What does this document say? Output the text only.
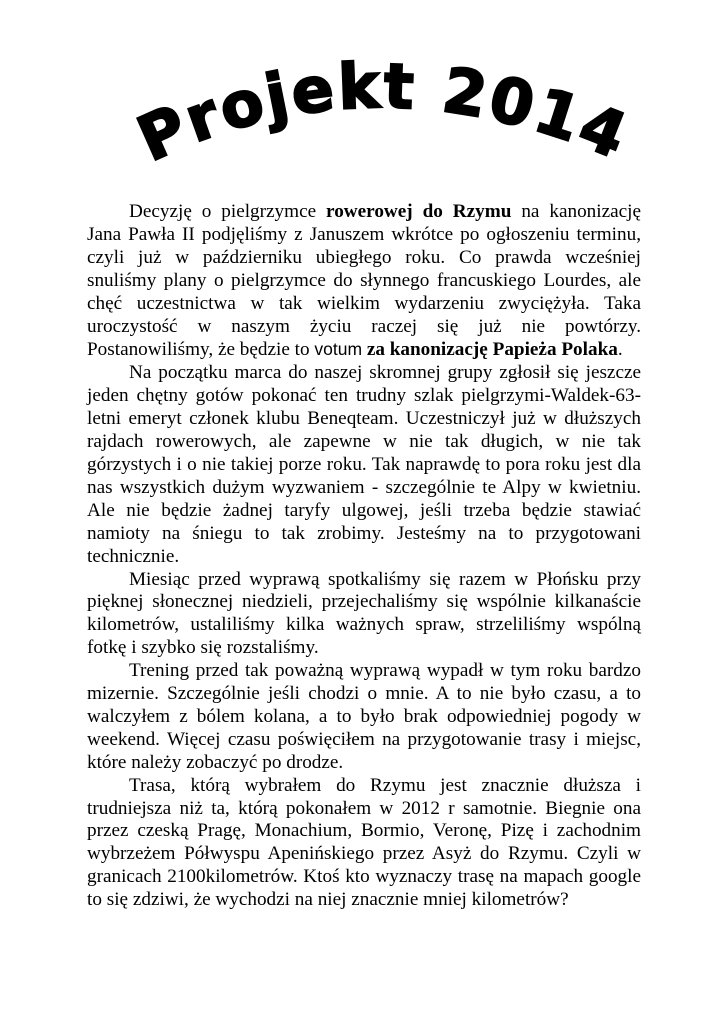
Projekt 2014

Decyzję o pielgrzymce rowerowej do Rzymu na kanonizację Jana Pawła II podjęliśmy z Januszem wkrótce po ogłoszeniu terminu, czyli już w październiku ubiegłego roku. Co prawda wcześniej snuliśmy plany o pielgrzymce do słynnego francuskiego Lourdes, ale chęć uczestnictwa w tak wielkim wydarzeniu zwyciężyła. Taka uroczystość w naszym życiu raczej się już nie powtórzy. Postanowiliśmy, że będzie to votum za kanonizację Papieża Polaka.

Na początku marca do naszej skromnej grupy zgłosił się jeszcze jeden chętny gotów pokonać ten trudny szlak pielgrzymi-Waldek-63-letni emeryt członek klubu Beneqteam. Uczestniczył już w dłuższych rajdach rowerowych, ale zapewne w nie tak długich, w nie tak górzystych i o nie takiej porze roku. Tak naprawdę to pora roku jest dla nas wszystkich dużym wyzwaniem - szczególnie te Alpy w kwietniu. Ale nie będzie żadnej taryfy ulgowej, jeśli trzeba będzie stawiać namioty na śniegu to tak zrobimy. Jesteśmy na to przygotowani technicznie.

Miesiąc przed wyprawą spotkaliśmy się razem w Płońsku przy pięknej słonecznej niedzieli, przejechaliśmy się wspólnie kilkanaście kilometrów, ustaliliśmy kilka ważnych spraw, strzeliliśmy wspólną fotkę i szybko się rozstaliśmy.

Trening przed tak poważną wyprawą wypadł w tym roku bardzo mizernie. Szczególnie jeśli chodzi o mnie. A to nie było czasu, a to walczyłem z bólem kolana, a to było brak odpowiedniej pogody w weekend. Więcej czasu poświęciłem na przygotowanie trasy i miejsc, które należy zobaczyć po drodze.

Trasa, którą wybrałem do Rzymu jest znacznie dłuższa i trudniejsza niż ta, którą pokonałem w 2012 r samotnie. Biegnie ona przez czeską Pragę, Monachium, Bormio, Veronę, Pizę i zachodnim wybrzeżem Półwyspu Apenińskiego przez Asyż do Rzymu. Czyli w granicach 2100kilometrów. Ktoś kto wyznaczy trasę na mapach google to się zdziwi, że wychodzi na niej znacznie mniej kilometrów?
